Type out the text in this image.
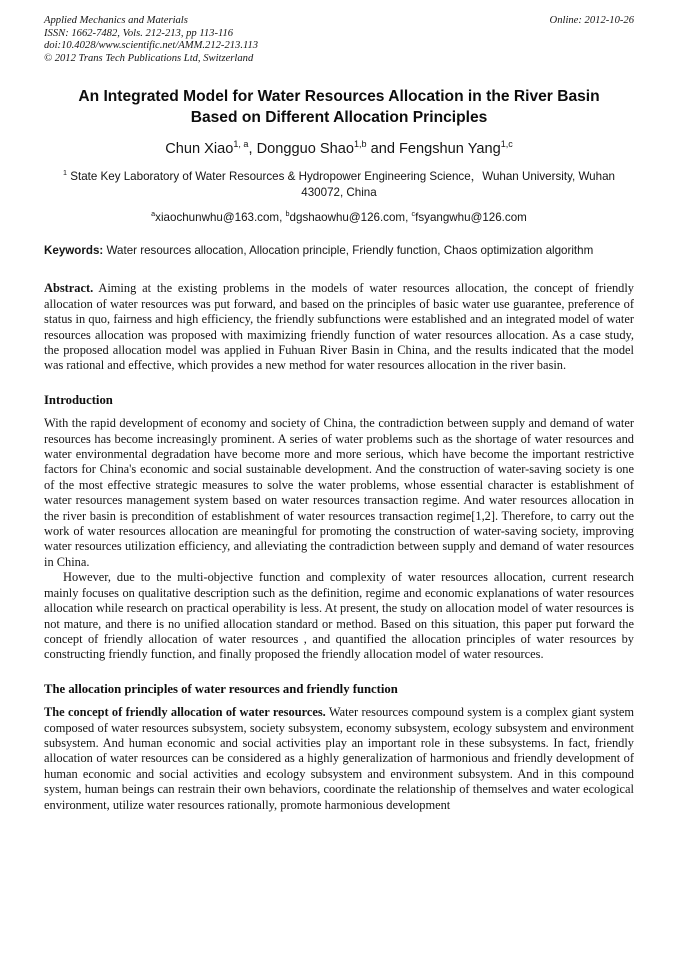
Applied Mechanics and Materials
ISSN: 1662-7482, Vols. 212-213, pp 113-116
doi:10.4028/www.scientific.net/AMM.212-213.113
© 2012 Trans Tech Publications Ltd, Switzerland
Online: 2012-10-26
An Integrated Model for Water Resources Allocation in the River Basin
Based on Different Allocation Principles
Chun Xiao$^{1, a}$, Dongguo Shao$^{1,b}$ and Fengshun Yang$^{1,c}$
$^1$ State Key Laboratory of Water Resources & Hydropower Engineering Science，Wuhan University, Wuhan 430072, China
$^a$xiaochunwhu@163.com, $^b$dgshaowhu@126.com, $^c$fsyangwhu@126.com

Keywords: Water resources allocation, Allocation principle, Friendly function, Chaos optimization algorithm

Abstract. Aiming at the existing problems in the models of water resources allocation, the concept of friendly allocation of water resources was put forward, and based on the principles of basic water use guarantee, preference of status in quo, fairness and high efficiency, the friendly subfunctions were established and an integrated model of water resources allocation was proposed with maximizing friendly function of water resources allocation. As a case study, the proposed allocation model was applied in Fuhuan River Basin in China, and the results indicated that the model was rational and effective, which provides a new method for water resources allocation in the river basin.

Introduction

With the rapid development of economy and society of China, the contradiction between supply and demand of water resources has become increasingly prominent. A series of water problems such as the shortage of water resources and water environmental degradation have become more and more serious, which have become the important restrictive factors for China's economic and social sustainable development. And the construction of water-saving society is one of the most effective strategic measures to solve the water problems, whose essential character is establishment of water resources management system based on water resources transaction regime. And water resources allocation in the river basin is precondition of establishment of water resources transaction regime[1,2]. Therefore, to carry out the work of water resources allocation are meaningful for promoting the construction of water-saving society, improving water resources utilization efficiency, and alleviating the contradiction between supply and demand of water resources in China.

However, due to the multi-objective function and complexity of water resources allocation, current research mainly focuses on qualitative description such as the definition, regime and economic explanations of water resources allocation while research on practical operability is less. At present, the study on allocation model of water resources is not mature, and there is no unified allocation standard or method. Based on this situation, this paper put forward the concept of friendly allocation of water resources , and quantified the allocation principles of water resources by constructing friendly function, and finally proposed the friendly allocation model of water resources.

The allocation principles of water resources and friendly function

The concept of friendly allocation of water resources. Water resources compound system is a complex giant system composed of water resources subsystem, society subsystem, economy subsystem, ecology subsystem and environment subsystem. And human economic and social activities play an important role in these subsystems. In fact, friendly allocation of water resources can be considered as a highly generalization of harmonious and friendly development of human economic and social activities and ecology subsystem and environment subsystem. And in this compound system, human beings can restrain their own behaviors, coordinate the relationship of themselves and water ecological environment, utilize water resources rationally, promote harmonious development
